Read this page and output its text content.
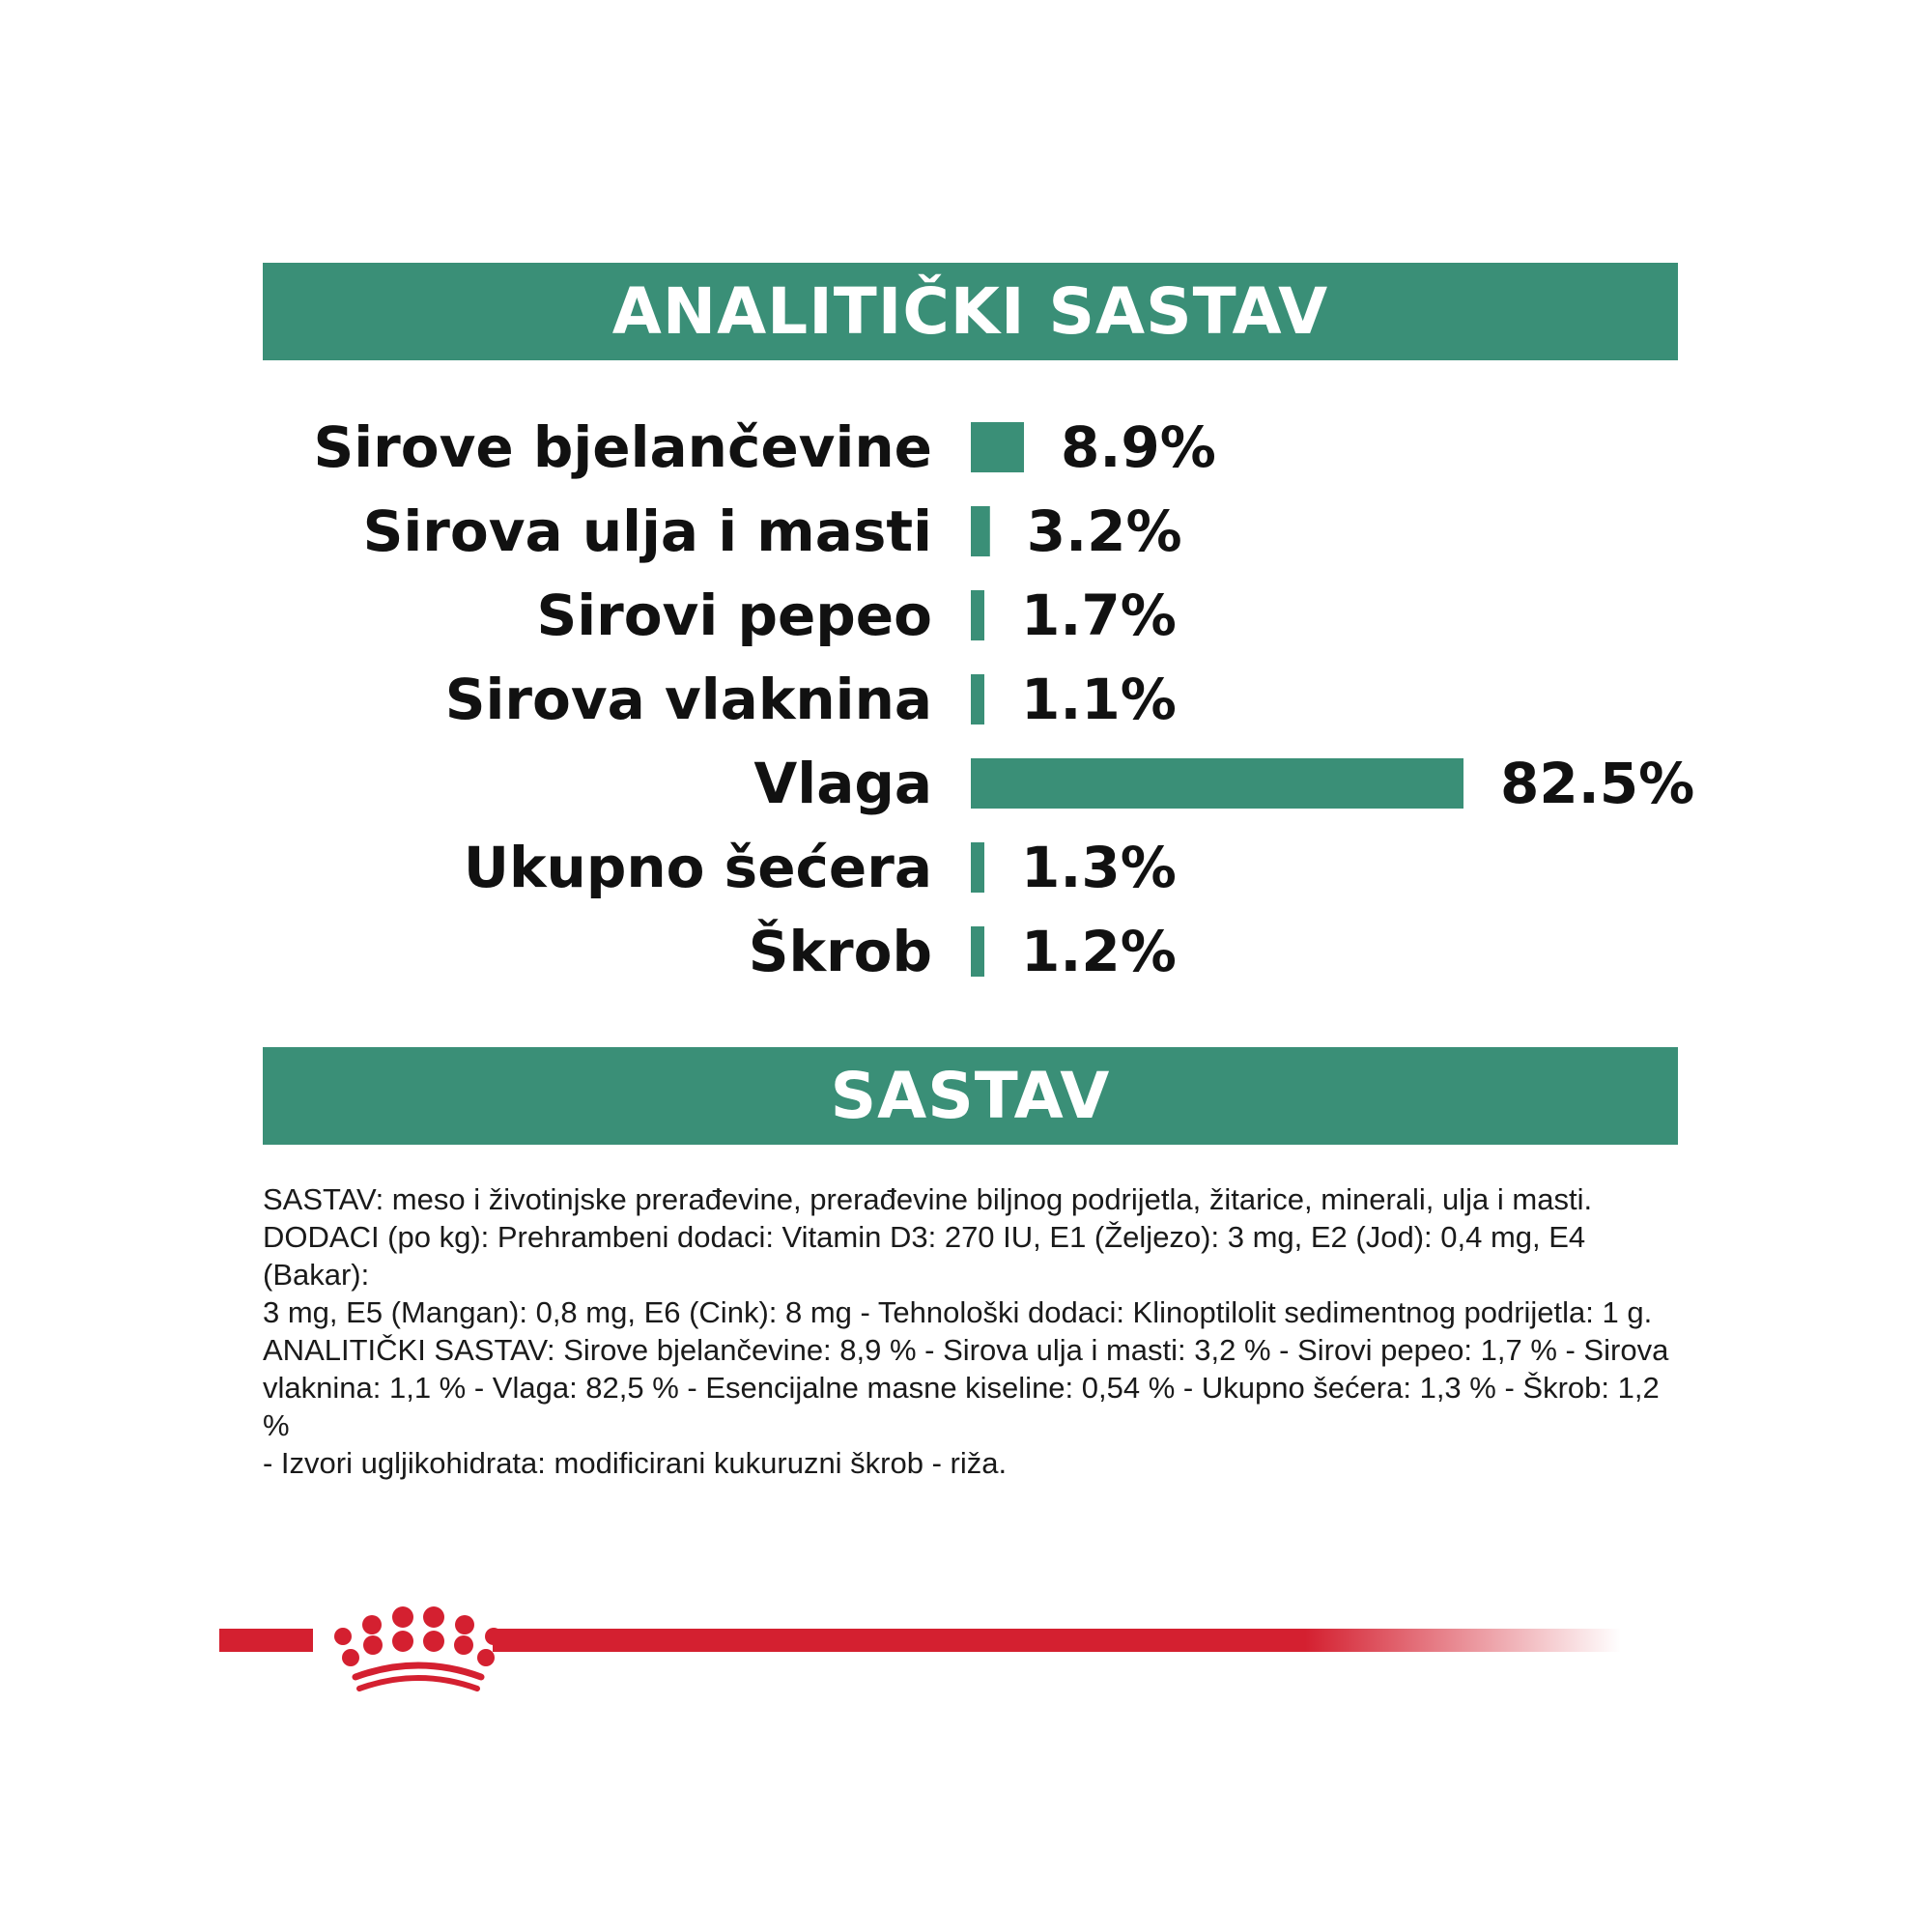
ANALITIČKI SASTAV
Sirove bjelančevine 8.9%
Sirova ulja i masti 3.2%
Sirovi pepeo 1.7%
Sirova vlaknina 1.1%
Vlaga	82.5%
Ukupno šećera 1.3%
Škrob 1.2%
SASTAV
SASTAV: meso i životinjske prerađevine, prerađevine biljnog podrijetla, žitarice, minerali, ulja i masti.
DODACI (po kg): Prehrambeni dodaci: Vitamin D3: 270 IU, E1 (Željezo): 3 mg, E2 (Jod): 0,4 mg, E4 (Bakar):
3 mg, E5 (Mangan): 0,8 mg, E6 (Cink): 8 mg - Tehnološki dodaci: Klinoptilolit sedimentnog podrijetla: 1 g.
ANALITIČKI SASTAV: Sirove bjelančevine: 8,9 % - Sirova ulja i masti: 3,2 % - Sirovi pepeo: 1,7 % - Sirova
vlaknina: 1,1 % - Vlaga: 82,5 % - Esencijalne masne kiseline: 0,54 % - Ukupno šećera: 1,3 % - Škrob: 1,2 %
- Izvori ugljikohidrata: modificirani kukuruzni škrob - riža.
